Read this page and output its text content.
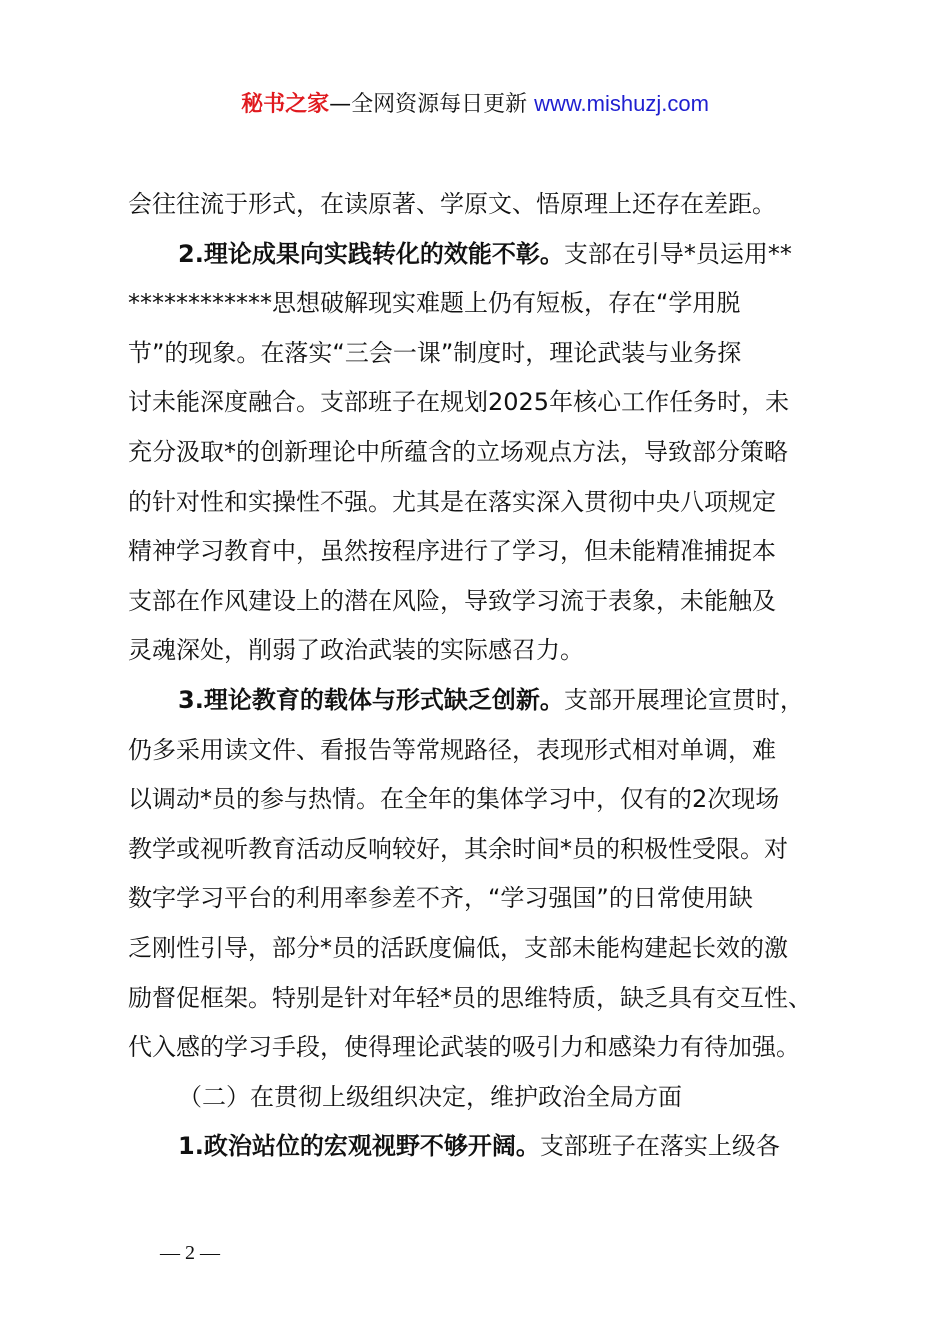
秘书之家—全网资源每日更新 www.mishuzj.com
会往往流于形式，在读原著、学原文、悟原理上还存在差距。
2.理论成果向实践转化的效能不彰。支部在引导*员运用**
************思想破解现实难题上仍有短板，存在“学用脱
节”的现象。在落实“三会一课”制度时，理论武装与业务探
讨未能深度融合。支部班子在规划2025年核心工作任务时，未
充分汲取*的创新理论中所蕴含的立场观点方法，导致部分策略
的针对性和实操性不强。尤其是在落实深入贯彻中央八项规定
精神学习教育中，虽然按程序进行了学习，但未能精准捕捉本
支部在作风建设上的潜在风险，导致学习流于表象，未能触及
灵魂深处，削弱了政治武装的实际感召力。
3.理论教育的载体与形式缺乏创新。支部开展理论宣贯时，
仍多采用读文件、看报告等常规路径，表现形式相对单调，难
以调动*员的参与热情。在全年的集体学习中，仅有的2次现场
教学或视听教育活动反响较好，其余时间*员的积极性受限。对
数字学习平台的利用率参差不齐，“学习强国”的日常使用缺
乏刚性引导，部分*员的活跃度偏低，支部未能构建起长效的激
励督促框架。特别是针对年轻*员的思维特质，缺乏具有交互性、
代入感的学习手段，使得理论武装的吸引力和感染力有待加强。
（二）在贯彻上级组织决定，维护政治全局方面
1.政治站位的宏观视野不够开阔。支部班子在落实上级各
— 2 —
